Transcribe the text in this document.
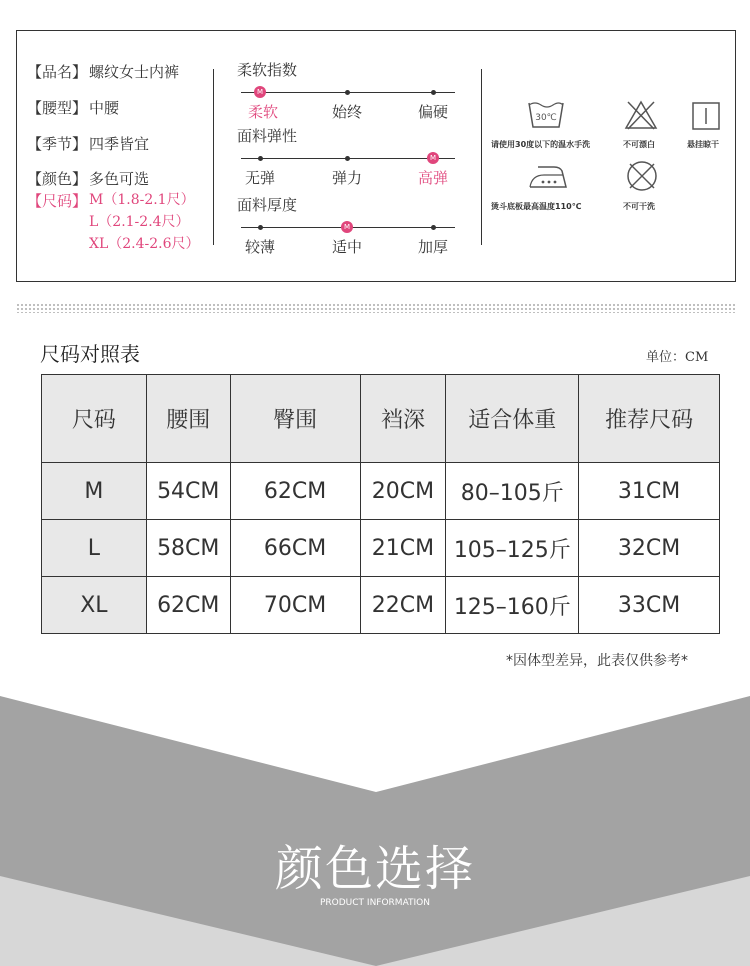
【品名】 螺纹女士内裤
【腰型】 中腰
【季节】 四季皆宜
【颜色】 多色可选
【尺码】 M（1.8-2.1尺）
L（2.1-2.4尺）
XL（2.4-2.6尺）
柔软指数
M
柔软	始终	偏硬
面料弹性
M
无弹	弹力	高弹
面料厚度
M
较薄	适中	加厚
30℃
请使用30度以下的温水手洗	不可漂白	悬挂晾干
烫斗底板最高温度110℃	不可干洗
尺码对照表	单位：CM
尺码	腰围	臀围	裆深	适合体重	推荐尺码
M	54CM	62CM	20CM	80–105斤	31CM
L	58CM	66CM	21CM	105–125斤	32CM
XL	62CM	70CM	22CM	125–160斤	33CM
*因体型差异，此表仅供参考*
颜色选择
PRODUCT INFORMATION
